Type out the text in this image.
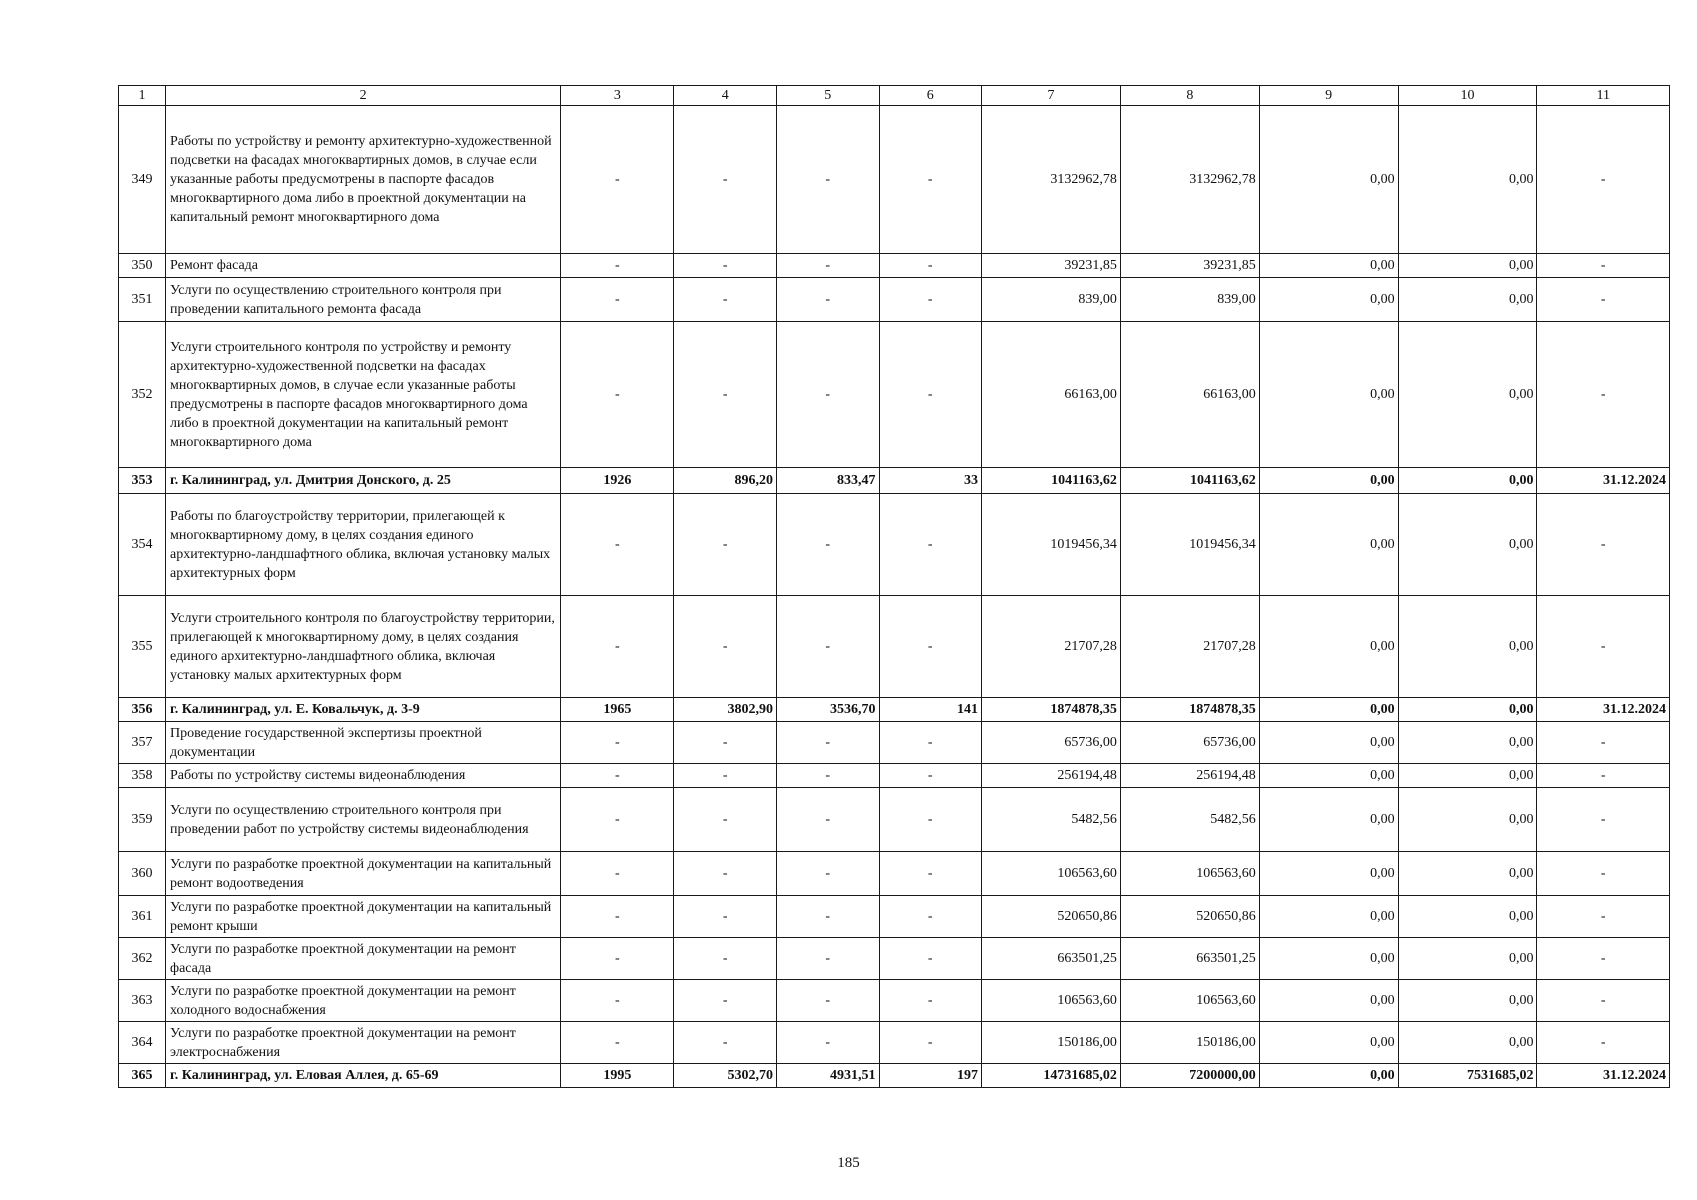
1	2	3	4	5	6	7	8	9	10	11
349	Работы по устройству и ремонту архитектурно-художественной подсветки на фасадах многоквартирных домов, в случае если указанные работы предусмотрены в паспорте фасадов многоквартирного дома либо в проектной документации на капитальный ремонт многоквартирного дома	-	-	-	-	3132962,78	3132962,78	0,00	0,00	-
350	Ремонт фасада	-	-	-	-	39231,85	39231,85	0,00	0,00	-
351	Услуги по осуществлению строительного контроля при проведении капитального ремонта фасада	-	-	-	-	839,00	839,00	0,00	0,00	-
352	Услуги строительного контроля по устройству и ремонту архитектурно-художественной подсветки на фасадах многоквартирных домов, в случае если указанные работы предусмотрены в паспорте фасадов многоквартирного дома либо в проектной документации на капитальный ремонт многоквартирного дома	-	-	-	-	66163,00	66163,00	0,00	0,00	-
353	г. Калининград, ул. Дмитрия Донского, д. 25	1926	896,20	833,47	33	1041163,62	1041163,62	0,00	0,00	31.12.2024
354	Работы по благоустройству территории, прилегающей к многоквартирному дому, в целях создания единого архитектурно-ландшафтного облика, включая установку малых архитектурных форм	-	-	-	-	1019456,34	1019456,34	0,00	0,00	-
355	Услуги строительного контроля по благоустройству территории, прилегающей к многоквартирному дому, в целях создания единого архитектурно-ландшафтного облика, включая установку малых архитектурных форм	-	-	-	-	21707,28	21707,28	0,00	0,00	-
356	г. Калининград, ул. Е. Ковальчук, д. 3-9	1965	3802,90	3536,70	141	1874878,35	1874878,35	0,00	0,00	31.12.2024
357	Проведение государственной экспертизы проектной документации	-	-	-	-	65736,00	65736,00	0,00	0,00	-
358	Работы по устройству системы видеонаблюдения	-	-	-	-	256194,48	256194,48	0,00	0,00	-
359	Услуги по осуществлению строительного контроля при проведении работ по устройству системы видеонаблюдения	-	-	-	-	5482,56	5482,56	0,00	0,00	-
360	Услуги по разработке проектной документации на капитальный ремонт водоотведения	-	-	-	-	106563,60	106563,60	0,00	0,00	-
361	Услуги по разработке проектной документации на капитальный ремонт крыши	-	-	-	-	520650,86	520650,86	0,00	0,00	-
362	Услуги по разработке проектной документации на ремонт фасада	-	-	-	-	663501,25	663501,25	0,00	0,00	-
363	Услуги по разработке проектной документации на ремонт холодного водоснабжения	-	-	-	-	106563,60	106563,60	0,00	0,00	-
364	Услуги по разработке проектной документации на ремонт электроснабжения	-	-	-	-	150186,00	150186,00	0,00	0,00	-
365	г. Калининград, ул. Еловая Аллея, д. 65-69	1995	5302,70	4931,51	197	14731685,02	7200000,00	0,00	7531685,02	31.12.2024
185
